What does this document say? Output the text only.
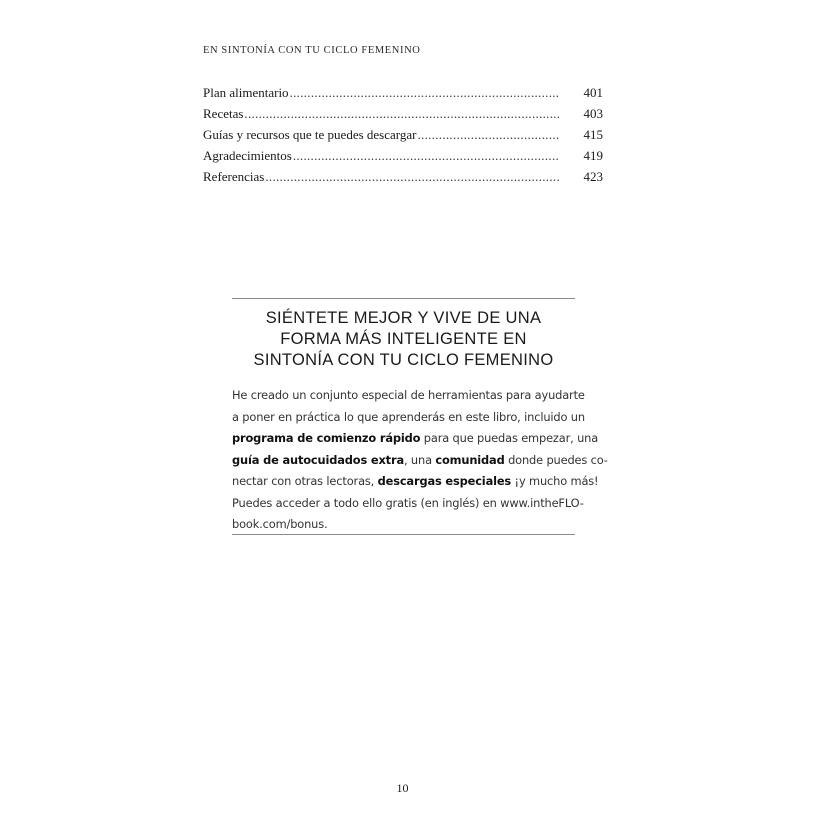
EN SINTONÍA CON TU CICLO FEMENINO
Plan alimentario .....	401
Recetas .....	403
Guías y recursos que te puedes descargar .....	415
Agradecimientos .....	419
Referencias .....	423
SIÉNTETE MEJOR Y VIVE DE UNA
FORMA MÁS INTELIGENTE EN
SINTONÍA CON TU CICLO FEMENINO
He creado un conjunto especial de herramientas para ayudarte
a poner en práctica lo que aprenderás en este libro, incluido un
programa de comienzo rápido para que puedas empezar, una
guía de autocuidados extra, una comunidad donde puedes co-
nectar con otras lectoras, descargas especiales ¡y mucho más!
Puedes acceder a todo ello gratis (en inglés) en www.intheFLO-
book.com/bonus.
10
